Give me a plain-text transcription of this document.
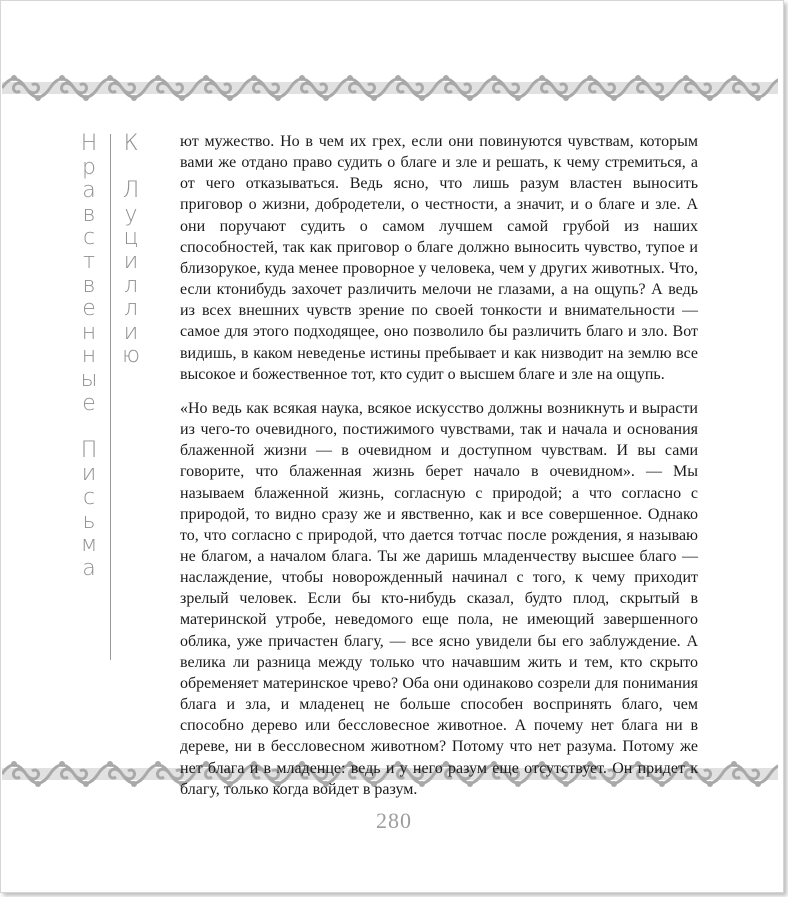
Н
р
а
в
с
т
в
е
н
н
ы
е
П
и
с
ь
м
а
К
Л
у
ц
и
л
л
и
ю

ют мужество. Но в чем их грех, если они повинуются чувствам, которым вами же отдано право судить о благе и зле и решать, к чему стремиться, а от чего отказываться. Ведь ясно, что лишь разум властен выносить приговор о жизни, добродетели, о честности, а значит, и о благе и зле. А они поручают судить о самом лучшем самой грубой из наших способностей, так как приговор о благе должно выносить чувство, тупое и близорукое, куда менее проворное у человека, чем у других животных. Что, если ктонибудь захочет различить мелочи не глазами, а на ощупь? А ведь из всех внешних чувств зрение по своей тонкости и внимательности — самое для этого подходящее, оно позволило бы различить благо и зло. Вот видишь, в каком неведенье истины пребывает и как низводит на землю все высокое и божественное тот, кто судит о высшем благе и зле на ощупь.

«Но ведь как всякая наука, всякое искусство должны возникнуть и вырасти из чего-то очевидного, постижимого чувствами, так и начала и основания блаженной жизни — в очевидном и доступном чувствам. И вы сами говорите, что блаженная жизнь берет начало в очевидном». — Мы называем блаженной жизнь, согласную с природой; а что согласно с природой, то видно сразу же и явственно, как и все совершенное. Однако то, что согласно с природой, что дается тотчас после рождения, я называю не благом, а началом блага. Ты же даришь младенчеству высшее благо — наслаждение, чтобы новорожденный начинал с того, к чему приходит зрелый человек. Если бы кто-нибудь сказал, будто плод, скрытый в материнской утробе, неведомого еще пола, не имеющий завершенного облика, уже причастен благу, — все ясно увидели бы его заблуждение. А велика ли разница между только что начавшим жить и тем, кто скрыто обременяет материнское чрево? Оба они одинаково созрели для понимания блага и зла, и младенец не больше способен воспринять благо, чем способно дерево или бессловесное животное. А почему нет блага ни в дереве, ни в бессловесном животном? Потому что нет разума. Потому же нет блага и в младенце: ведь и у него разум еще отсутствует. Он придет к благу, только когда войдет в разум.

280
